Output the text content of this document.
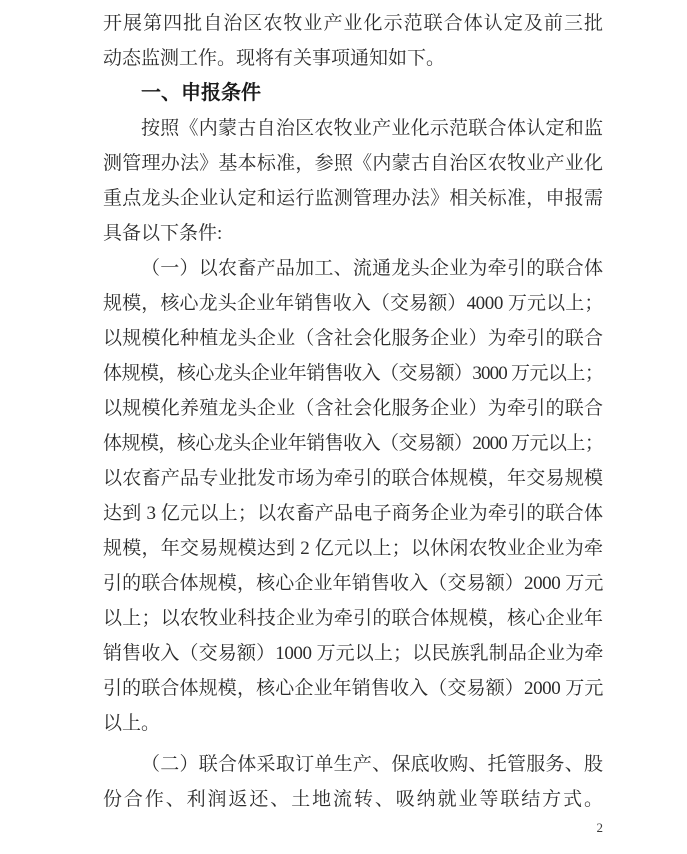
开展第四批自治区农牧业产业化示范联合体认定及前三批
动态监测工作。现将有关事项通知如下。
一、申报条件
按照《内蒙古自治区农牧业产业化示范联合体认定和监
测管理办法》基本标准，参照《内蒙古自治区农牧业产业化
重点龙头企业认定和运行监测管理办法》相关标准，申报需
具备以下条件:
（一）以农畜产品加工、流通龙头企业为牵引的联合体
规模，核心龙头企业年销售收入（交易额）4000 万元以上；
以规模化种植龙头企业（含社会化服务企业）为牵引的联合
体规模，核心龙头企业年销售收入（交易额）3000 万元以上；
以规模化养殖龙头企业（含社会化服务企业）为牵引的联合
体规模，核心龙头企业年销售收入（交易额）2000 万元以上；
以农畜产品专业批发市场为牵引的联合体规模，年交易规模
达到 3 亿元以上；以农畜产品电子商务企业为牵引的联合体
规模，年交易规模达到 2 亿元以上；以休闲农牧业企业为牵
引的联合体规模，核心企业年销售收入（交易额）2000 万元
以上；以农牧业科技企业为牵引的联合体规模，核心企业年
销售收入（交易额）1000 万元以上；以民族乳制品企业为牵
引的联合体规模，核心企业年销售收入（交易额）2000 万元
以上。
（二）联合体采取订单生产、保底收购、托管服务、股
份合作、利润返还、土地流转、吸纳就业等联结方式。
2
